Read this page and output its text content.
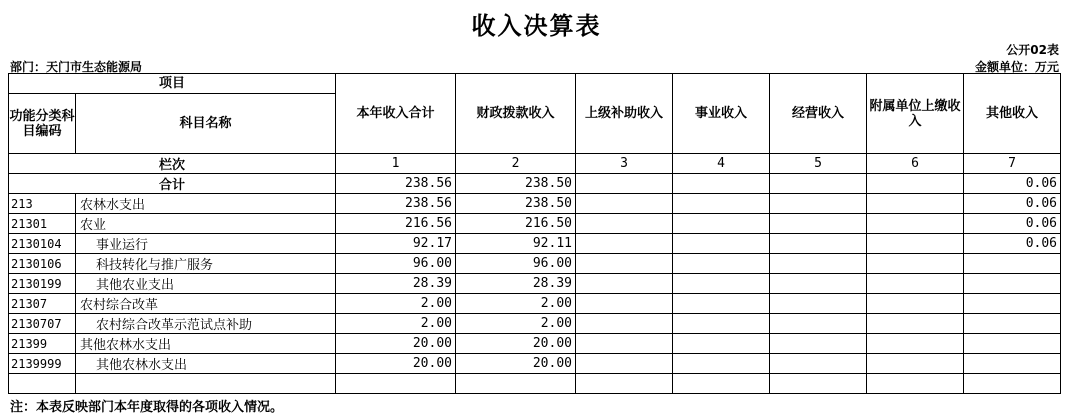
收入决算表
公开02表
部门：天门市生态能源局	金额单位：万元
项目		本年收入合计	财政拨款收入	上级补助收入	事业收入	经营收入	附属单位上缴收入	其他收入
功能分类科目编码	科目名称							
栏次		1	2	3	4	5	6	7
合计		238.56	238.50					0.06
213	农林水支出	238.56	238.50					0.06
21301	农业	216.56	216.50					0.06
2130104	事业运行	92.17	92.11					0.06
2130106	科技转化与推广服务	96.00	96.00					
2130199	其他农业支出	28.39	28.39					
21307	农村综合改革	2.00	2.00					
2130707	农村综合改革示范试点补助	2.00	2.00					
21399	其他农林水支出	20.00	20.00					
2139999	其他农林水支出	20.00	20.00					

注：本表反映部门本年度取得的各项收入情况。
